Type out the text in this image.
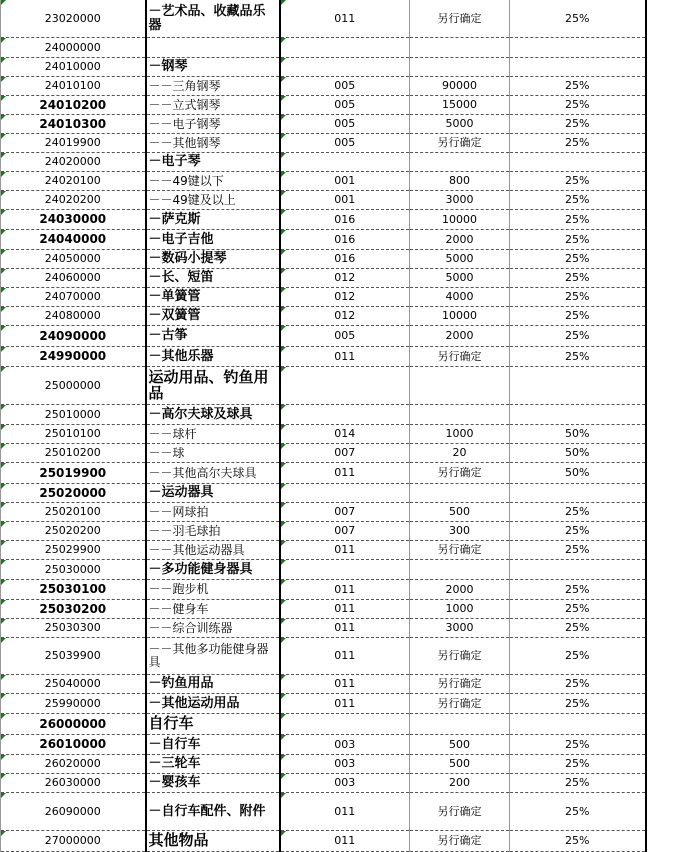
23020000	－艺术品、收藏品乐器	011	另行确定	25%

24000000		

24010000	－钢琴	

24010100	－－三角钢琴	005	90000	25%

24010200	－－立式钢琴	005	15000	25%

24010300	－－电子钢琴	005	5000	25%

24019900	－－其他钢琴	005	另行确定	25%

24020000	－电子琴	

24020100	－－49键以下	001	800	25%

24020200	－－49键及以上	001	3000	25%

24030000	－萨克斯	016	10000	25%

24040000	－电子吉他	016	2000	25%

24050000	－数码小提琴	016	5000	25%

24060000	－长、短笛	012	5000	25%

24070000	－单簧管	012	4000	25%

24080000	－双簧管	012	10000	25%

24090000	－古筝	005	2000	25%

24990000	－其他乐器	011	另行确定	25%

25000000	运动用品、钓鱼用品	

25010000	－高尔夫球及球具	

25010100	－－球杆	014	1000	50%

25010200	－－球	007	20	50%

25019900	－－其他高尔夫球具	011	另行确定	50%

25020000	－运动器具	

25020100	－－网球拍	007	500	25%

25020200	－－羽毛球拍	007	300	25%

25029900	－－其他运动器具	011	另行确定	25%

25030000	－多功能健身器具	

25030100	－－跑步机	011	2000	25%

25030200	－－健身车	011	1000	25%

25030300	－－综合训练器	011	3000	25%

25039900	－－其他多功能健身器具	011	另行确定	25%

25040000	－钓鱼用品	011	另行确定	25%

25990000	－其他运动用品	011	另行确定	25%

26000000	自行车	

26010000	－自行车	003	500	25%

26020000	－三轮车	003	500	25%

26030000	－婴孩车	003	200	25%

26090000	－自行车配件、附件	011	另行确定	25%

27000000	其他物品	011	另行确定	25%
